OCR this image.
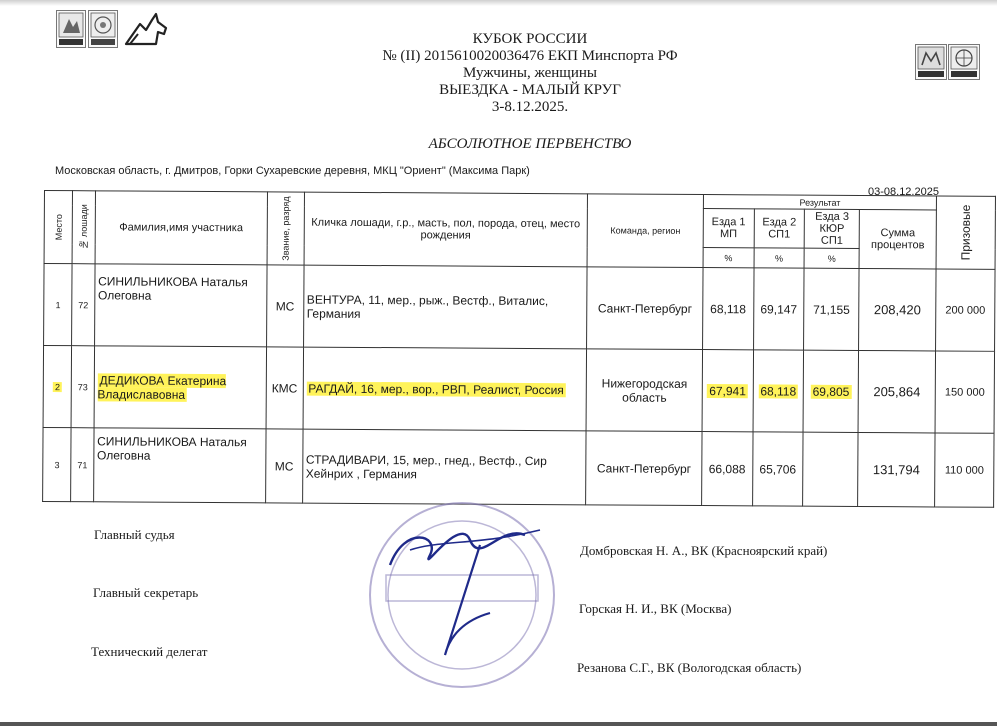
КУБОК РОССИИ
№ (II) 2015610020036476 ЕКП Минспорта РФ
Мужчины, женщины
ВЫЕЗДКА - МАЛЫЙ КРУГ
3-8.12.2025.
АБСОЛЮТНОЕ ПЕРВЕНСТВО
Московская область, г. Дмитров, Горки Сухаревские деревня, МКЦ "Ориент" (Максима Парк)
03-08.12.2025
Место	№ лошади	Фамилия,имя участника	Звание, разряд	Кличка лошади, г.р., масть, пол, порода, отец, место рождения	Команда, регион	Результат				Призовые

						Езда 1 МП	Езда 2 СП1	Езда 3 КЮР СП1	Сумма процентов	
						%	%	%		
1	72	СИНИЛЬНИКОВА Наталья Олеговна	МС	ВЕНТУРА, 11, мер., рыж., Вестф., Виталис, Германия	Санкт-Петербург	68,118	69,147	71,155	208,420	200 000
2	73	ДЕДИКОВА Екатерина Владиславовна	КМС	РАГДАЙ, 16, мер., вор., РВП, Реалист, Россия	Нижегородская область	67,941	68,118	69,805	205,864	150 000
3	71	СИНИЛЬНИКОВА Наталья Олеговна	МС	СТРАДИВАРИ, 15, мер., гнед., Вестф., Сир Хейнрих , Германия	Санкт-Петербург	66,088	65,706		131,794	110 000
Главный судья
Домбровская Н. А., ВК (Красноярский край)
Главный секретарь
Горская Н. И., ВК (Москва)
Технический делегат
Резанова С.Г., ВК (Вологодская область)
